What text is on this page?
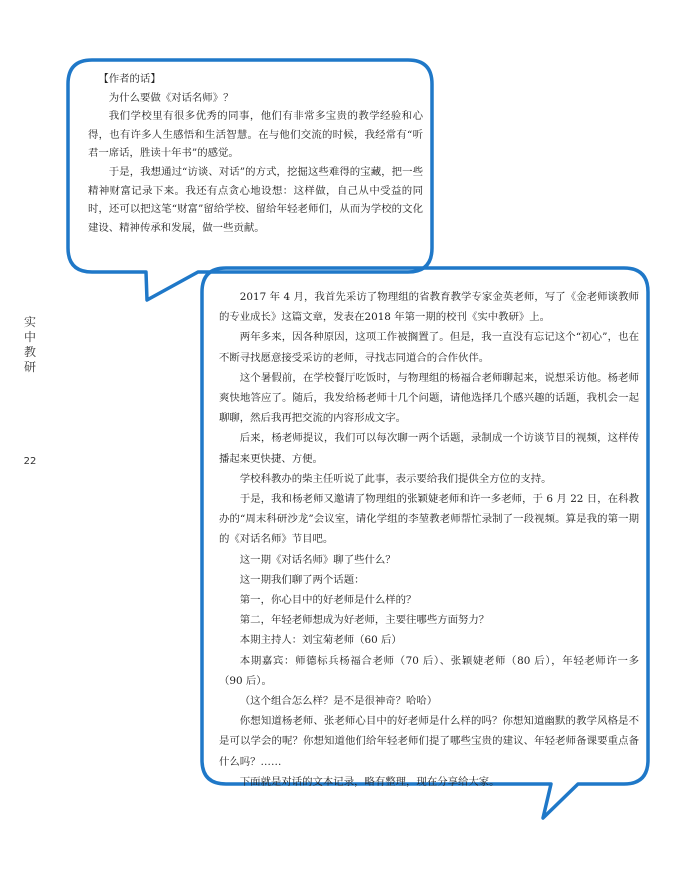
实
中
教
研
22

【作者的话】

为什么要做《对话名师》？

我们学校里有很多优秀的同事，他们有非常多宝贵的教学经验和心得，也有许多人生感悟和生活智慧。在与他们交流的时候，我经常有“听君一席话，胜读十年书”的感觉。

于是，我想通过“访谈、对话”的方式，挖掘这些难得的宝藏，把一些精神财富记录下来。我还有点贪心地设想：这样做，自己从中受益的同时，还可以把这笔“财富”留给学校、留给年轻老师们，从而为学校的文化建设、精神传承和发展，做一些贡献。

2017 年 4 月，我首先采访了物理组的省教育教学专家金英老师，写了《金老师谈教师的专业成长》这篇文章，发表在2018 年第一期的校刊《实中教研》上。

两年多来，因各种原因，这项工作被搁置了。但是，我一直没有忘记这个“初心”，也在不断寻找愿意接受采访的老师，寻找志同道合的合作伙伴。

这个暑假前，在学校餐厅吃饭时，与物理组的杨福合老师聊起来，说想采访他。杨老师爽快地答应了。随后，我发给杨老师十几个问题，请他选择几个感兴趣的话题，我机会一起聊聊，然后我再把交流的内容形成文字。

后来，杨老师提议，我们可以每次聊一两个话题，录制成一个访谈节目的视频，这样传播起来更快捷、方便。

学校科教办的柴主任听说了此事，表示要给我们提供全方位的支持。

于是，我和杨老师又邀请了物理组的张颖婕老师和许一多老师，于 6 月 22 日，在科教办的“周末科研沙龙”会议室，请化学组的李堃教老师帮忙录制了一段视频。算是我的第一期的《对话名师》节目吧。

这一期《对话名师》聊了些什么？

这一期我们聊了两个话题：

第一，你心目中的好老师是什么样的？

第二，年轻老师想成为好老师，主要往哪些方面努力？

本期主持人：刘宝菊老师（60 后）

本期嘉宾：师德标兵杨福合老师（70 后）、张颖婕老师（80 后），年轻老师许一多（90 后）。

（这个组合怎么样？是不是很神奇？哈哈）

你想知道杨老师、张老师心目中的好老师是什么样的吗？你想知道幽默的教学风格是不是可以学会的呢？你想知道他们给年轻老师们提了哪些宝贵的建议、年轻老师备课要重点备什么吗？……

下面就是对话的文本记录，略有整理，现在分享给大家。
